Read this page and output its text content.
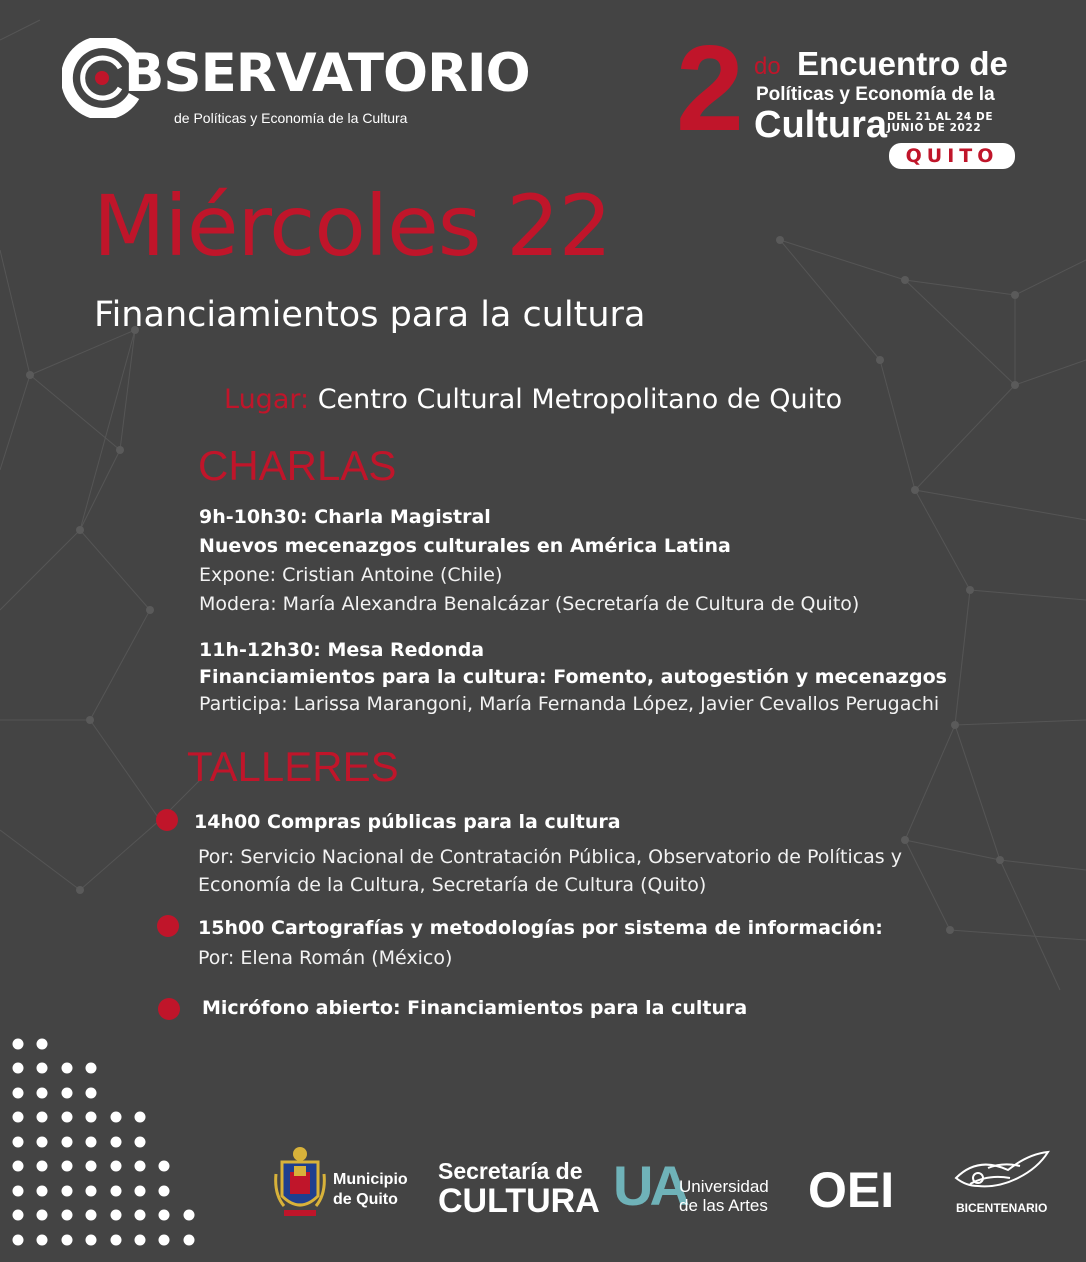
BSERVATORIO
de Políticas y Economía de la Cultura 2 do Encuentro de
Políticas y Economía de la
Cultura DEL 21 AL 24 DE
JUNIO DE 2022
QUITO
Miércoles 22
Financiamientos para la cultura
Lugar: Centro Cultural Metropolitano de Quito
CHARLAS
9h-10h30: Charla Magistral
Nuevos mecenazgos culturales en América Latina
Expone: Cristian Antoine (Chile)
Modera: María Alexandra Benalcázar (Secretaría de Cultura de Quito)
11h-12h30: Mesa Redonda
Financiamientos para la cultura: Fomento, autogestión y mecenazgos
Participa: Larissa Marangoni, María Fernanda López, Javier Cevallos Perugachi
TALLERES
14h00 Compras públicas para la cultura
Por: Servicio Nacional de Contratación Pública, Observatorio de Políticas y
Economía de la Cultura, Secretaría de Cultura (Quito)
15h00 Cartografías y metodologías por sistema de información:
Por: Elena Román (México)
Micrófono abierto: Financiamientos para la cultura
Municipio
de Quito
Secretaría de
CULTURA UA
Universidad
de las Artes OEI	BICENTENARIO
